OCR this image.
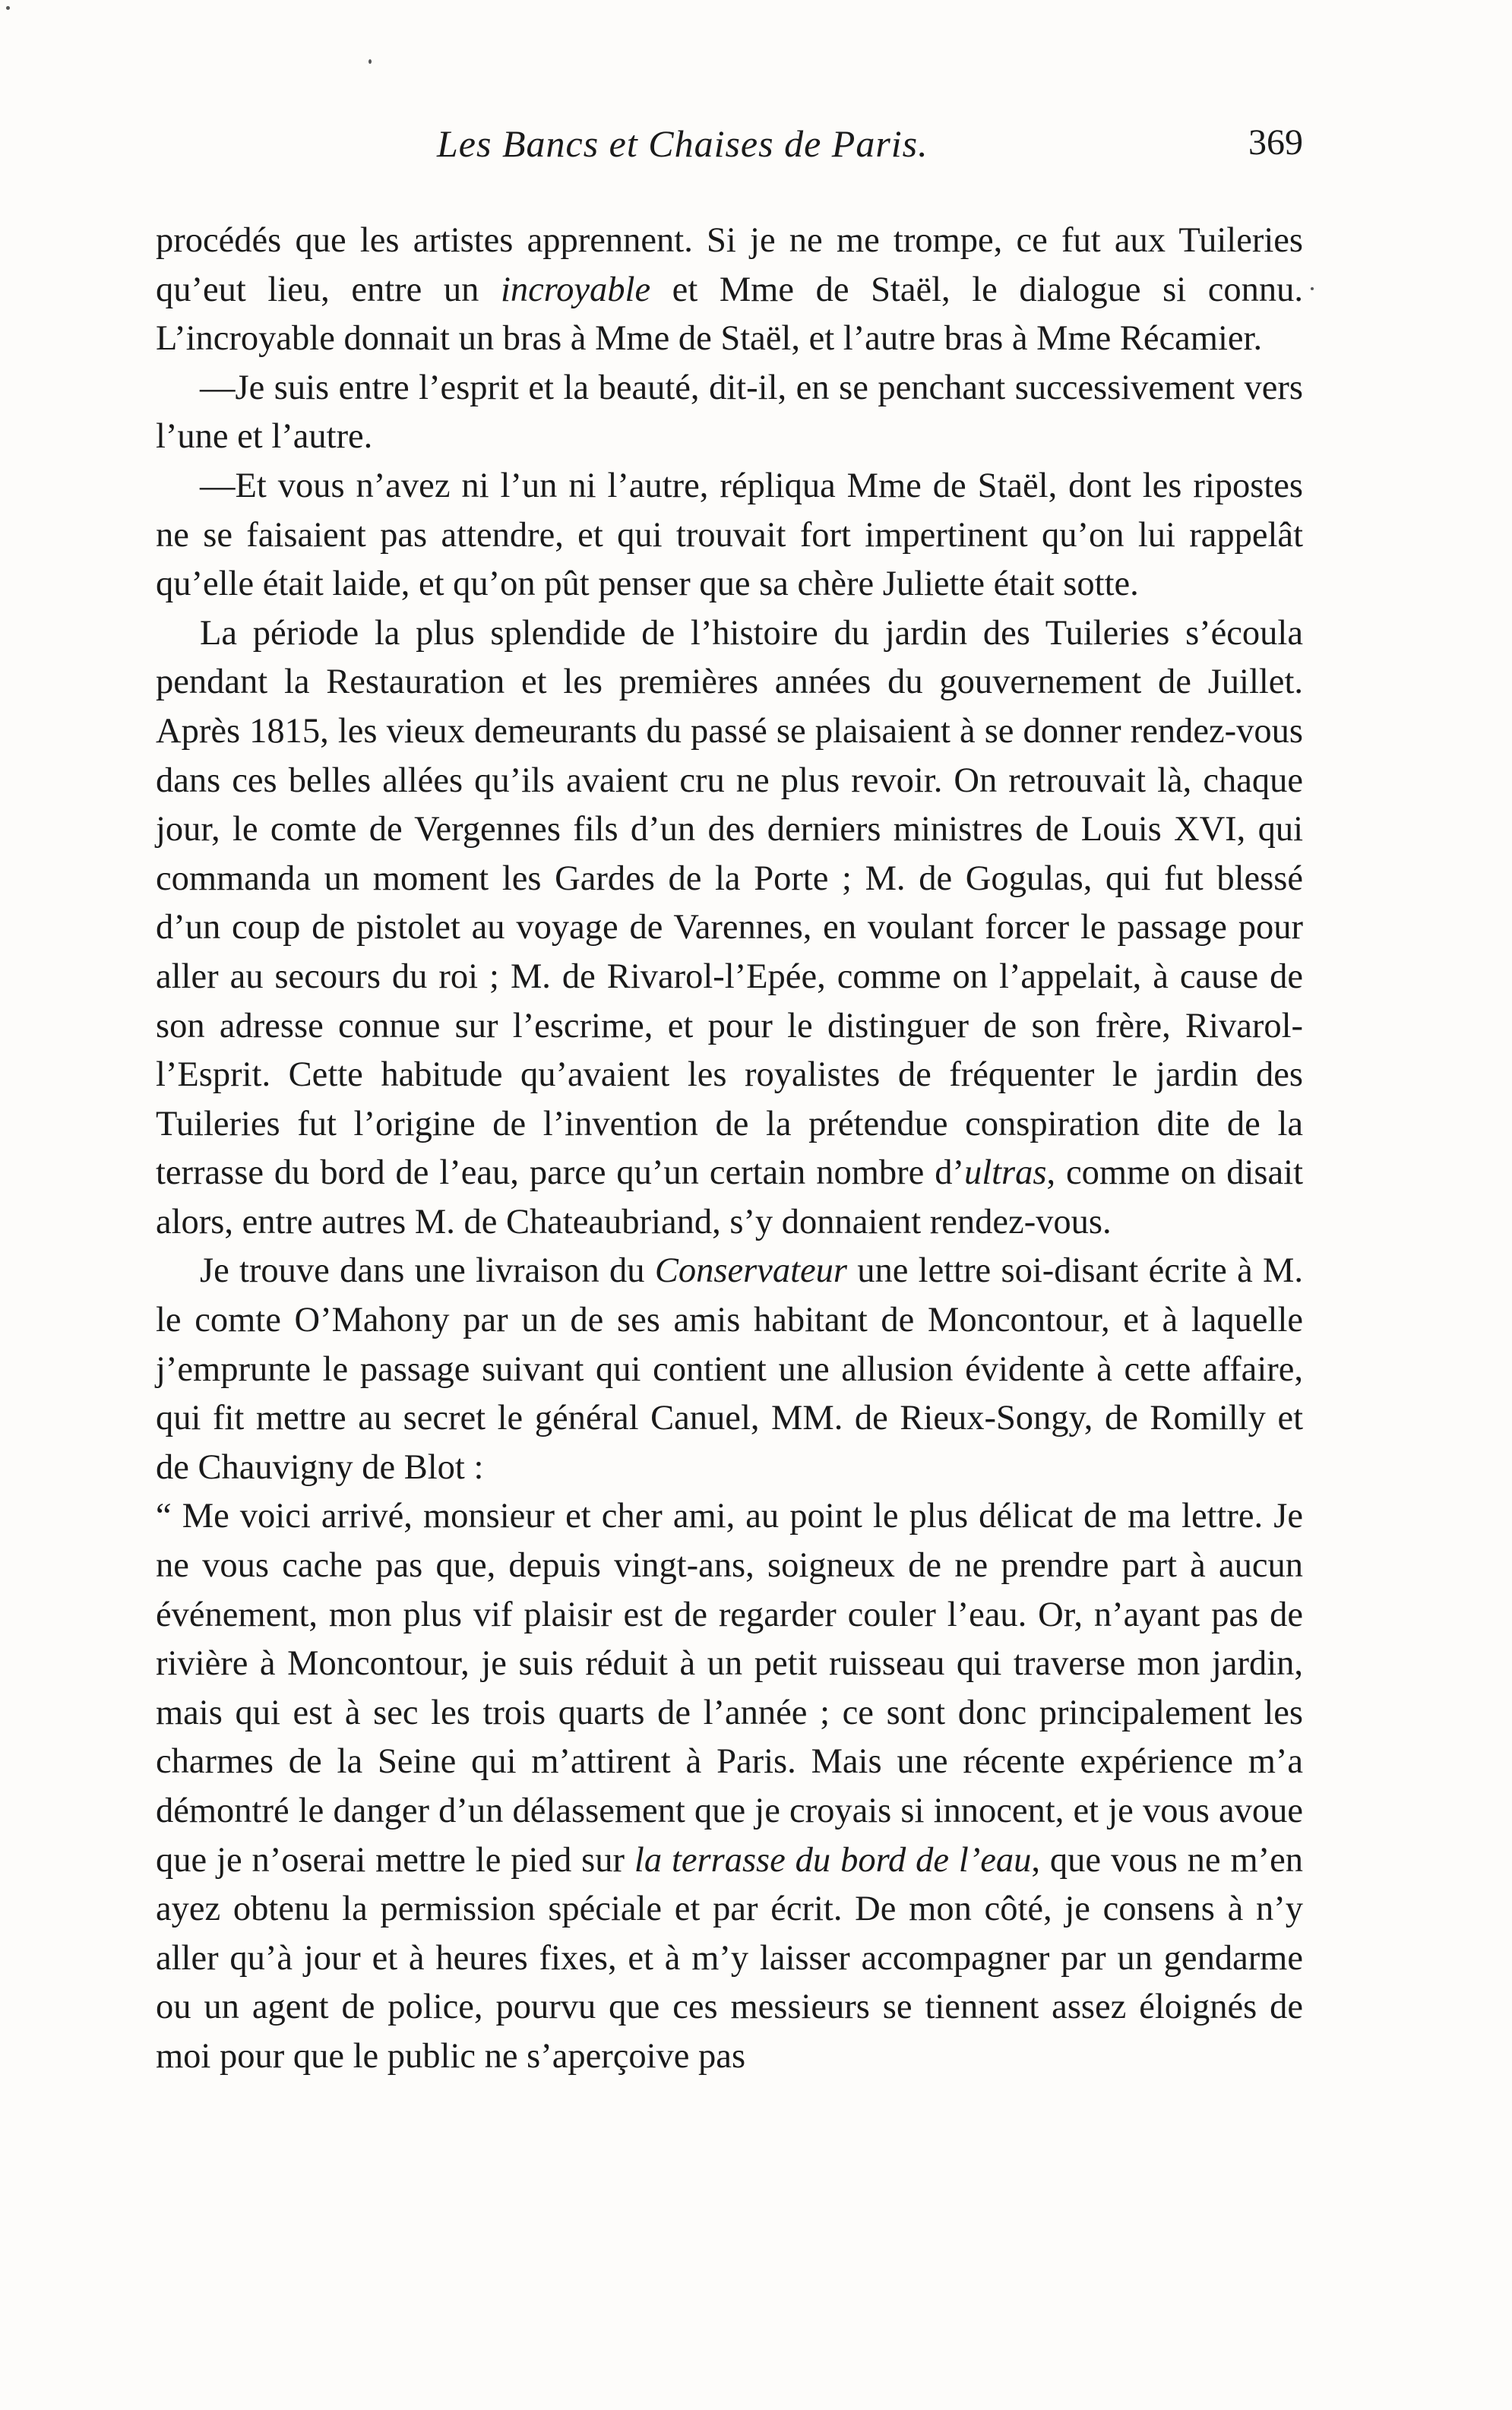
Les Bancs et Chaises de Paris.	369

procédés que les artistes apprennent. Si je ne me trompe, ce fut aux Tuileries qu’eut lieu, entre un incroyable et Mme de Staël, le dialogue si connu. L’incroyable donnait un bras à Mme de Staël, et l’autre bras à Mme Récamier.

—Je suis entre l’esprit et la beauté, dit-il, en se penchant successivement vers l’une et l’autre.

—Et vous n’avez ni l’un ni l’autre, répliqua Mme de Staël, dont les ripostes ne se faisaient pas attendre, et qui trouvait fort impertinent qu’on lui rappelât qu’elle était laide, et qu’on pût penser que sa chère Juliette était sotte.

La période la plus splendide de l’histoire du jardin des Tuileries s’écoula pendant la Restauration et les premières années du gouvernement de Juillet. Après 1815, les vieux demeurants du passé se plaisaient à se donner rendez-vous dans ces belles allées qu’ils avaient cru ne plus revoir. On retrouvait là, chaque jour, le comte de Vergennes fils d’un des derniers ministres de Louis XVI, qui commanda un moment les Gardes de la Porte ; M. de Gogulas, qui fut blessé d’un coup de pistolet au voyage de Varennes, en voulant forcer le passage pour aller au secours du roi ; M. de Rivarol-l’Epée, comme on l’appelait, à cause de son adresse connue sur l’escrime, et pour le distinguer de son frère, Rivarol-l’Esprit. Cette habitude qu’avaient les royalistes de fréquenter le jardin des Tuileries fut l’origine de l’invention de la prétendue conspiration dite de la terrasse du bord de l’eau, parce qu’un certain nombre d’ultras, comme on disait alors, entre autres M. de Chateaubriand, s’y donnaient rendez-vous.

Je trouve dans une livraison du Conservateur une lettre soi-disant écrite à M. le comte O’Mahony par un de ses amis habitant de Moncontour, et à laquelle j’emprunte le passage suivant qui contient une allusion évidente à cette affaire, qui fit mettre au secret le général Canuel, MM. de Rieux-Songy, de Romilly et de Chauvigny de Blot :

“ Me voici arrivé, monsieur et cher ami, au point le plus délicat de ma lettre. Je ne vous cache pas que, depuis vingt-ans, soigneux de ne prendre part à aucun événement, mon plus vif plaisir est de regarder couler l’eau. Or, n’ayant pas de rivière à Moncontour, je suis réduit à un petit ruisseau qui traverse mon jardin, mais qui est à sec les trois quarts de l’année ; ce sont donc principalement les charmes de la Seine qui m’attirent à Paris. Mais une récente expérience m’a démontré le danger d’un délassement que je croyais si innocent, et je vous avoue que je n’oserai mettre le pied sur la terrasse du bord de l’eau, que vous ne m’en ayez obtenu la permission spéciale et par écrit. De mon côté, je consens à n’y aller qu’à jour et à heures fixes, et à m’y laisser accompagner par un gendarme ou un agent de police, pourvu que ces messieurs se tiennent assez éloignés de moi pour que le public ne s’aperçoive pas
